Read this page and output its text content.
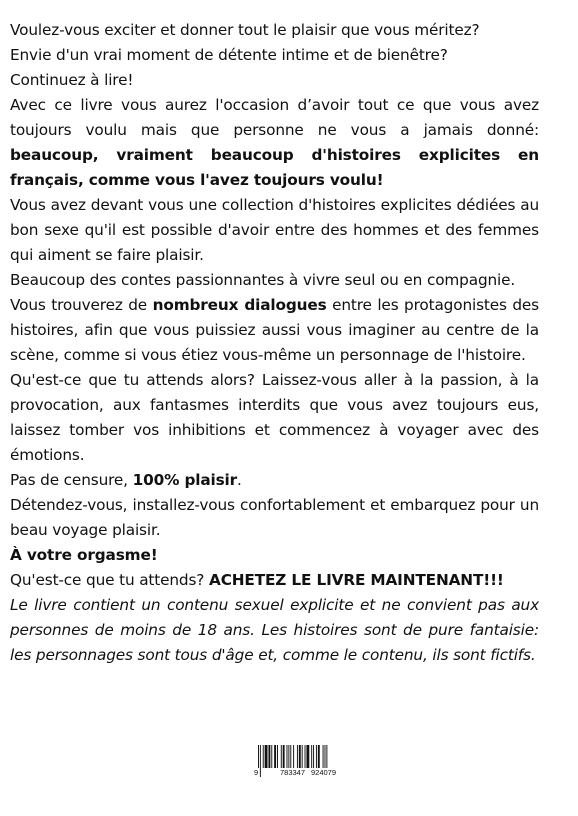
Voulez-vous exciter et donner tout le plaisir que vous méritez?

Envie d'un vrai moment de détente intime et de bienêtre?

Continuez à lire!

Avec ce livre vous aurez l'occasion d’avoir tout ce que vous avez toujours voulu mais que personne ne vous a jamais donné: beaucoup, vraiment beaucoup d'histoires explicites en français, comme vous l'avez toujours voulu!

Vous avez devant vous une collection d'histoires explicites dédiées au bon sexe qu'il est possible d'avoir entre des hommes et des femmes qui aiment se faire plaisir.

Beaucoup des contes passionnantes à vivre seul ou en compagnie.

Vous trouverez de nombreux dialogues entre les protagonistes des histoires, afin que vous puissiez aussi vous imaginer au centre de la scène, comme si vous étiez vous-même un personnage de l'histoire.

Qu'est-ce que tu attends alors? Laissez-vous aller à la passion, à la provocation, aux fantasmes interdits que vous avez toujours eus, laissez tomber vos inhibitions et commencez à voyager avec des émotions.

Pas de censure, 100% plaisir.

Détendez-vous, installez-vous confortablement et embarquez pour un beau voyage plaisir.

À votre orgasme!

Qu'est-ce que tu attends? ACHETEZ LE LIVRE MAINTENANT!!!

Le livre contient un contenu sexuel explicite et ne convient pas aux personnes de moins de 18 ans. Les histoires sont de pure fantaisie: les personnages sont tous d'âge et, comme le contenu, ils sont fictifs.

9	783347 924079
